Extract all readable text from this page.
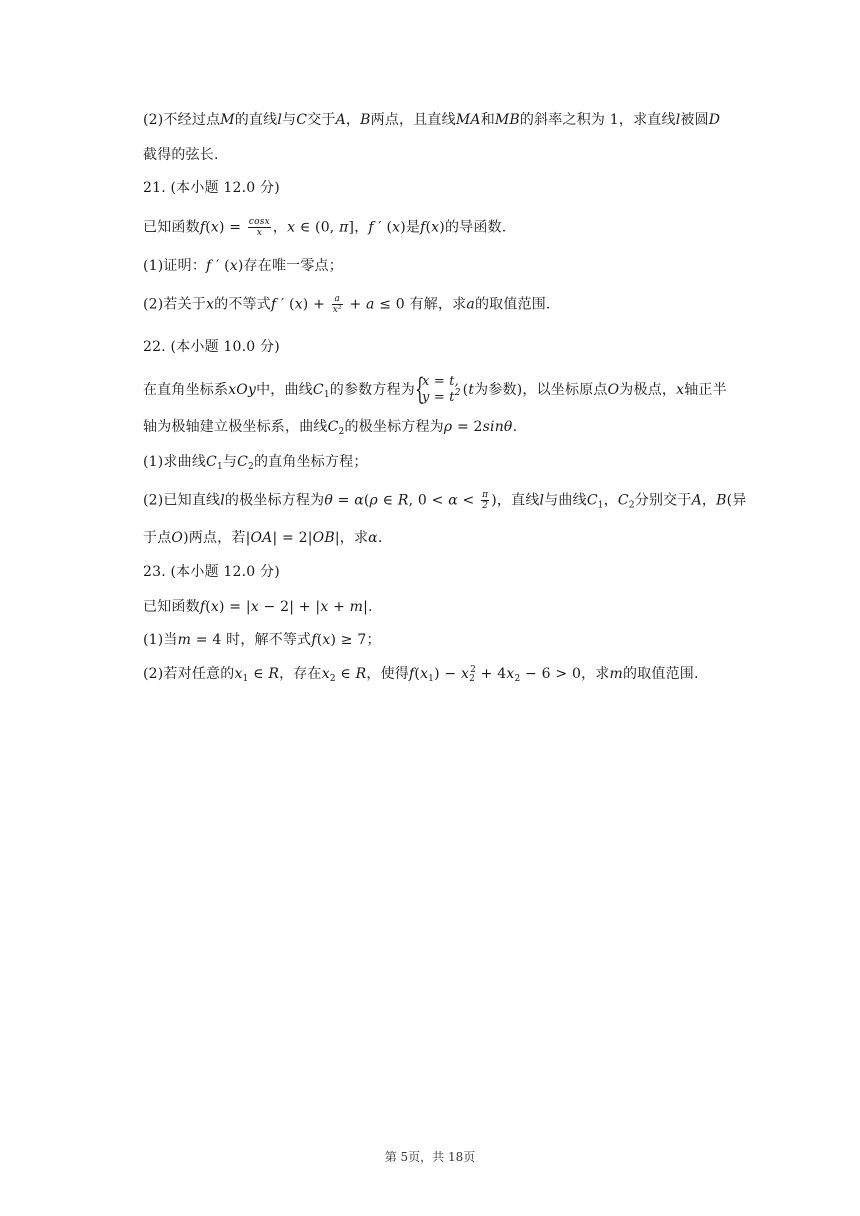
(2)不经过点M的直线l与C交于A，B两点，且直线MA和MB的斜率之积为 1，求直线l被圆D
截得的弦长.
21. (本小题 12.0 分)
已知函数$f(x) = \frac{\cos x}{x}$ ，x ∈ (0, π]，f ′ (x)是f(x)的导函数.
(1)证明：f ′ (x)存在唯一零点；
(2)若关于x的不等式f ′ $(x) + \frac{a}{\text{x²}} + a \le 0$ 有解，求a的取值范围.
22. (本小题 10.0 分)
在直角坐标系xOy中，曲线$C_1$的参数方程为 {
x = t,
$y = t^2$ (t为参数)，以坐标原点O为极点，x轴正半
轴为极轴建立极坐标系，曲线$C_2$的极坐标方程为ρ = 2sinθ.
(1)求曲线$C_1$与$C_2$的直角坐标方程；
(2)已知直线l的极坐标方程为θ = α(ρ ∈ R, $0 < \alpha < \frac{\pi}{2}$ )，直线l与曲线$C_1$，$C_2$分别交于A，B(异
于点O)两点，若|OA| = 2|OB|，求α.
23. (本小题 12.0 分)
已知函数f(x) = |x − 2| + |x + m|.
(1)当m = 4 时，解不等式f(x) ≥ 7；
(2)若对任意的$x_1$ ∈ R，存在$x_2$ ∈ R，使得$f(x_1) - x_2^2 + 4x_2 - 6 > 0$，求m的取值范围.
第 5页，共 18页
